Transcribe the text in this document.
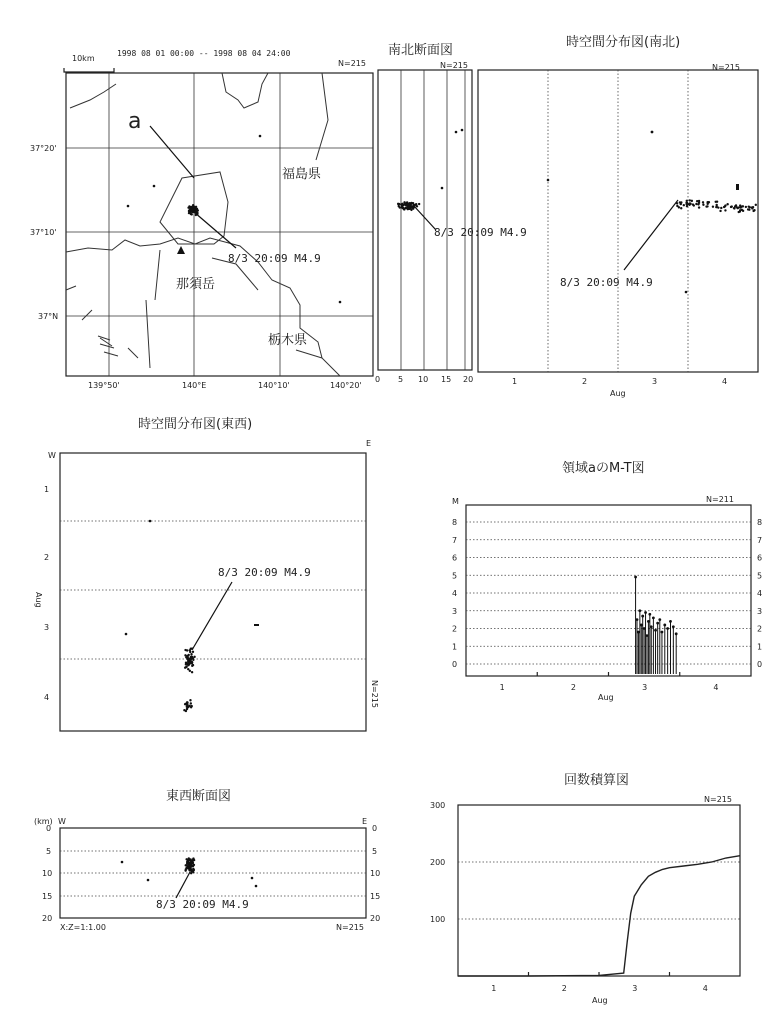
10km
1998 08 01 00:00 -- 1998 08 04 24:00
N=215
37°20'
37°10'
37°N
139°50'	140°E	140°10'	140°20'
a
8/3 20:09 M4.9
那須岳
福島県
栃木県
南北断面図
N=215
0 5 10 15 20
8/3 20:09 M4.9
時空間分布図(南北)
N=215
1	2	3	4
Aug
8/3 20:09 M4.9
時空間分布図(東西)
W
E
1
2
3
4
Aug
N=215
8/3 20:09 M4.9
領域aのM-T図
M	N=211
0	0
1	1
2	2
3	3
4	4
5	5
6	6
7	7
8	8
1	2	3	4
Aug
東西断面図
(km) W	E
0
5
10
15
20
0
5
10
15
20
X:Z=1:1.00	N=215
8/3 20:09 M4.9
回数積算図
N=215
100
200
300
1	2	3	4
Aug
